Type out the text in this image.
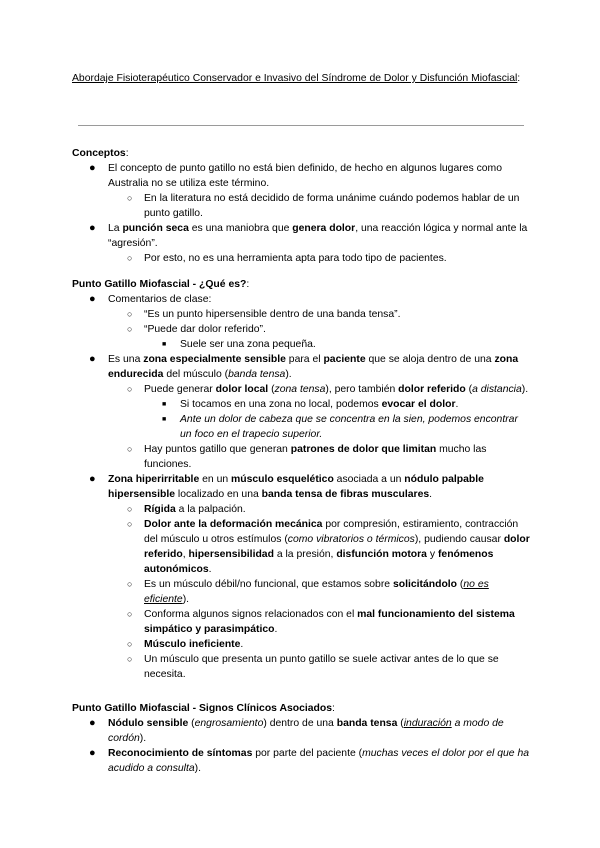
Abordaje Fisioterapéutico Conservador e Invasivo del Síndrome de Dolor y Disfunción Miofascial:
Conceptos:
● El concepto de punto gatillo no está bien definido, de hecho en algunos lugares como Australia no se utiliza este término.
○ En la literatura no está decidido de forma unánime cuándo podemos hablar de un punto gatillo.
● La punción seca es una maniobra que genera dolor, una reacción lógica y normal ante la “agresión”.
○ Por esto, no es una herramienta apta para todo tipo de pacientes.
Punto Gatillo Miofascial - ¿Qué es?:
● Comentarios de clase:
○ “Es un punto hipersensible dentro de una banda tensa”.
○ “Puede dar dolor referido”.
■ Suele ser una zona pequeña.
● Es una zona especialmente sensible para el paciente que se aloja dentro de una zona endurecida del músculo (banda tensa).
○ Puede generar dolor local (zona tensa), pero también dolor referido (a distancia).
■ Si tocamos en una zona no local, podemos evocar el dolor.
■ Ante un dolor de cabeza que se concentra en la sien, podemos encontrar un foco en el trapecio superior.
○ Hay puntos gatillo que generan patrones de dolor que limitan mucho las funciones.
● Zona hiperirritable en un músculo esquelético asociada a un nódulo palpable hipersensible localizado en una banda tensa de fibras musculares.
○ Rígida a la palpación.
○ Dolor ante la deformación mecánica por compresión, estiramiento, contracción del músculo u otros estímulos (como vibratorios o térmicos), pudiendo causar dolor referido, hipersensibilidad a la presión, disfunción motora y fenómenos autonómicos.
○ Es un músculo débil/no funcional, que estamos sobre solicitándolo (no es eficiente).
○ Conforma algunos signos relacionados con el mal funcionamiento del sistema simpático y parasimpático.
○ Músculo ineficiente.
○ Un músculo que presenta un punto gatillo se suele activar antes de lo que se necesita.
Punto Gatillo Miofascial - Signos Clínicos Asociados:
● Nódulo sensible (engrosamiento) dentro de una banda tensa (induración a modo de cordón).
● Reconocimiento de síntomas por parte del paciente (muchas veces el dolor por el que ha acudido a consulta).
